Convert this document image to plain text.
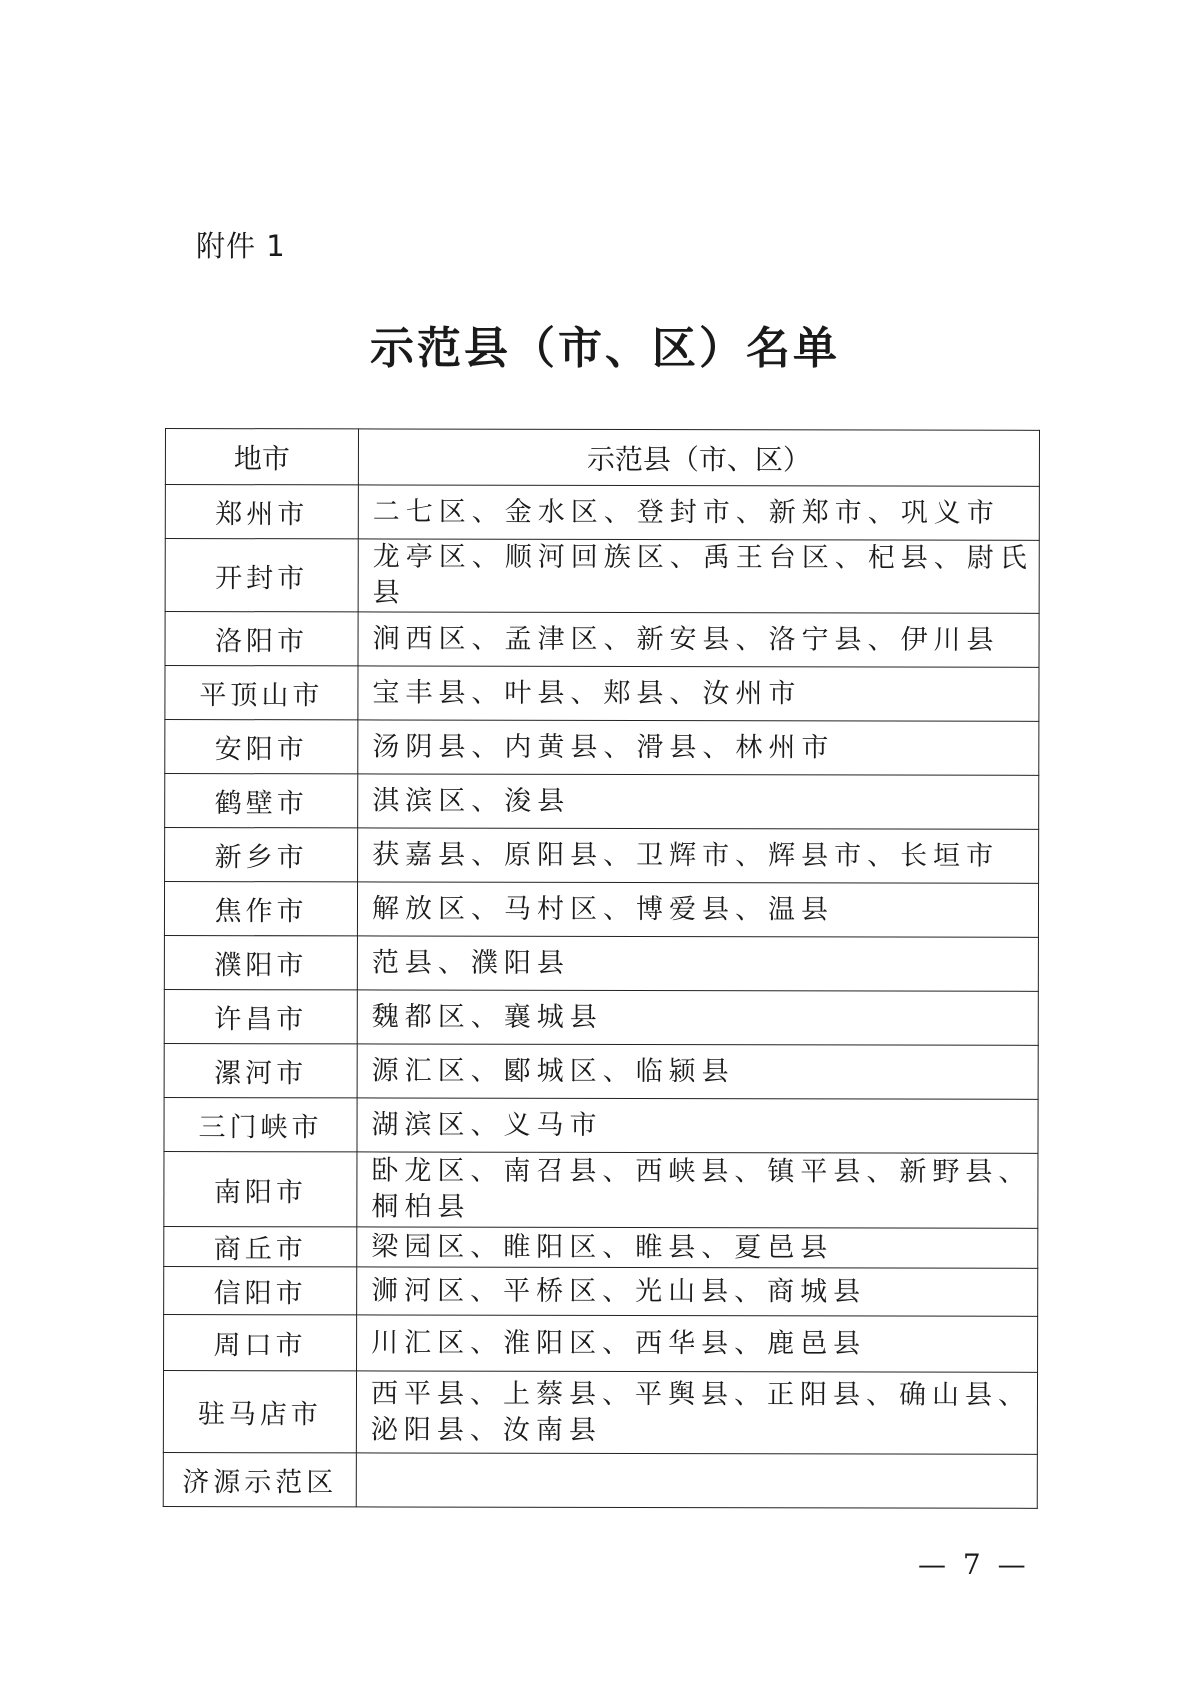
附件 1
示范县（市、区）名单
地市	示范县（市、区）
郑州市	二七区、金水区、登封市、新郑市、巩义市
开封市	龙亭区、顺河回族区、禹王台区、杞县、尉氏县
洛阳市	涧西区、孟津区、新安县、洛宁县、伊川县
平顶山市	宝丰县、叶县、郏县、汝州市
安阳市	汤阴县、内黄县、滑县、林州市
鹤壁市	淇滨区、浚县
新乡市	获嘉县、原阳县、卫辉市、辉县市、长垣市
焦作市	解放区、马村区、博爱县、温县
濮阳市	范县、濮阳县
许昌市	魏都区、襄城县
漯河市	源汇区、郾城区、临颍县
三门峡市	湖滨区、义马市
南阳市	卧龙区、南召县、西峡县、镇平县、新野县、桐柏县
商丘市	梁园区、睢阳区、睢县、夏邑县
信阳市	浉河区、平桥区、光山县、商城县
周口市	川汇区、淮阳区、西华县、鹿邑县
驻马店市	西平县、上蔡县、平舆县、正阳县、确山县、泌阳县、汝南县
济源示范区	
— 7 —
